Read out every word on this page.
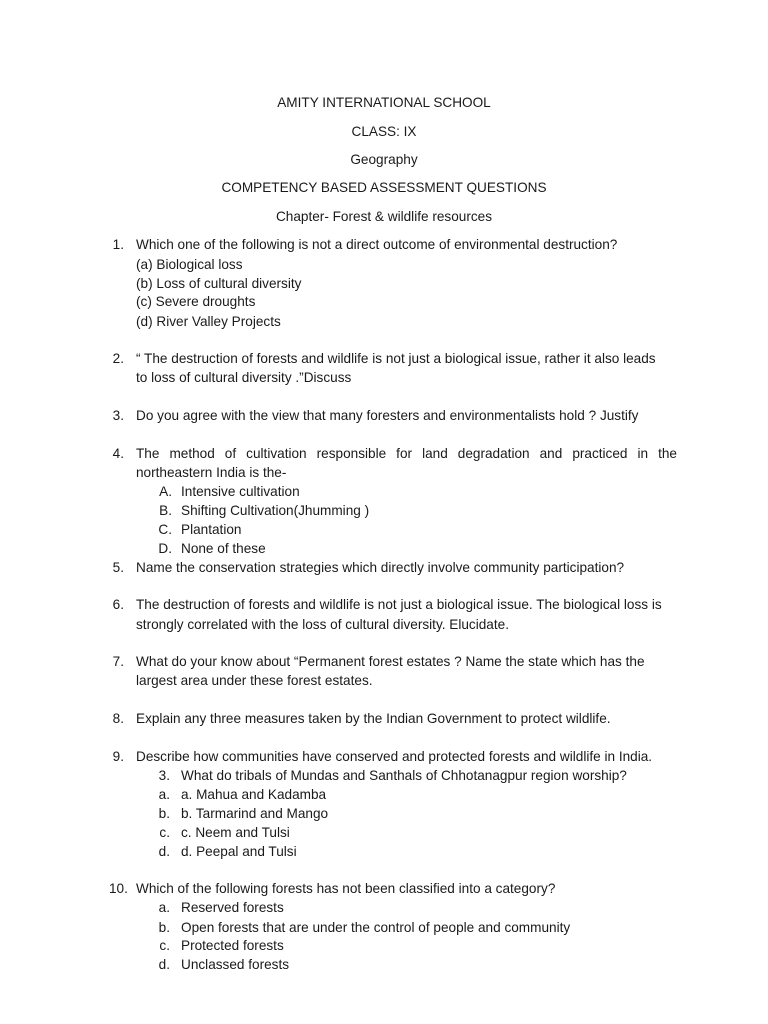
AMITY INTERNATIONAL SCHOOL
CLASS: IX
Geography
COMPETENCY BASED ASSESSMENT QUESTIONS
Chapter- Forest & wildlife resources
1. Which one of the following is not a direct outcome of environmental destruction?
(a) Biological loss
(b) Loss of cultural diversity
(c) Severe droughts
(d) River Valley Projects
2. “ The destruction of forests and wildlife is not just a biological issue, rather it also leads
to loss of cultural diversity .”Discuss
3. Do you agree with the view that many foresters and environmentalists hold ? Justify
4. The method of cultivation responsible for land degradation and practiced in the
northeastern India is the-
A. Intensive cultivation
B. Shifting Cultivation(Jhumming )
C. Plantation
D. None of these
5. Name the conservation strategies which directly involve community participation?
6. The destruction of forests and wildlife is not just a biological issue. The biological loss is
strongly correlated with the loss of cultural diversity. Elucidate.
7. What do your know about “Permanent forest estates ? Name the state which has the
largest area under these forest estates.
8. Explain any three measures taken by the Indian Government to protect wildlife.
9. Describe how communities have conserved and protected forests and wildlife in India.
3. What do tribals of Mundas and Santhals of Chhotanagpur region worship?
a. a. Mahua and Kadamba
b. b. Tarmarind and Mango
c. c. Neem and Tulsi
d. d. Peepal and Tulsi
10. Which of the following forests has not been classified into a category?
a. Reserved forests
b. Open forests that are under the control of people and community
c. Protected forests
d. Unclassed forests
